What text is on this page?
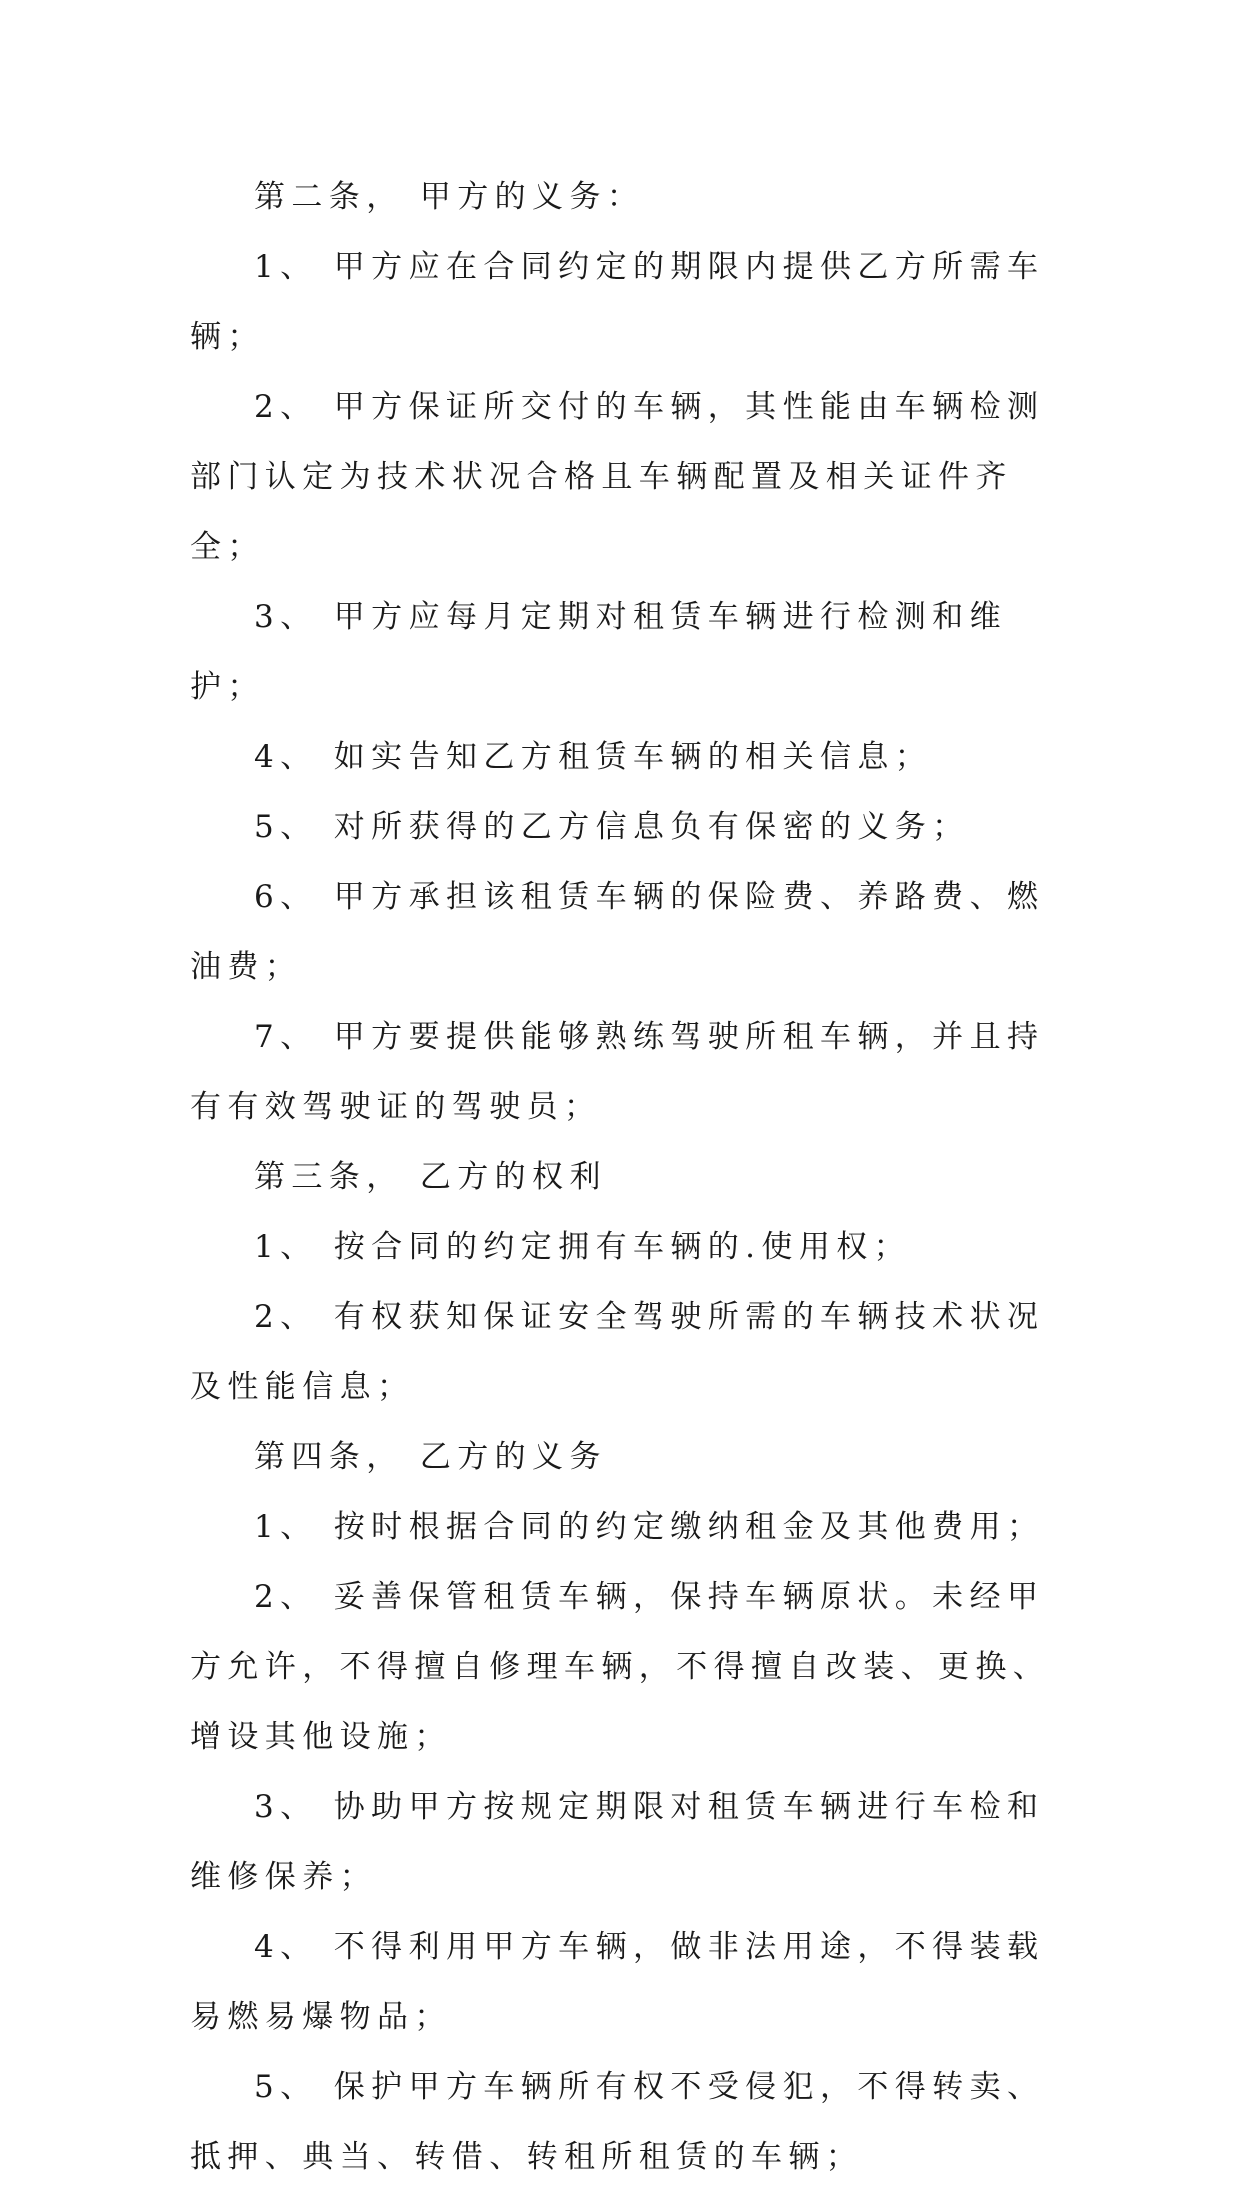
第二条， 甲方的义务：

1、 甲方应在合同约定的期限内提供乙方所需车辆；

2、 甲方保证所交付的车辆，其性能由车辆检测部门认定为技术状况合格且车辆配置及相关证件齐全；

3、 甲方应每月定期对租赁车辆进行检测和维护；

4、 如实告知乙方租赁车辆的相关信息；

5、 对所获得的乙方信息负有保密的义务；

6、 甲方承担该租赁车辆的保险费、养路费、燃油费；

7、 甲方要提供能够熟练驾驶所租车辆，并且持有有效驾驶证的驾驶员；

第三条， 乙方的权利

1、 按合同的约定拥有车辆的.使用权；

2、 有权获知保证安全驾驶所需的车辆技术状况及性能信息；

第四条， 乙方的义务

1、 按时根据合同的约定缴纳租金及其他费用；

2、 妥善保管租赁车辆，保持车辆原状。未经甲方允许，不得擅自修理车辆，不得擅自改装、更换、增设其他设施；

3、 协助甲方按规定期限对租赁车辆进行车检和维修保养；

4、 不得利用甲方车辆，做非法用途，不得装载易燃易爆物品；

5、 保护甲方车辆所有权不受侵犯，不得转卖、抵押、典当、转借、转租所租赁的车辆；
